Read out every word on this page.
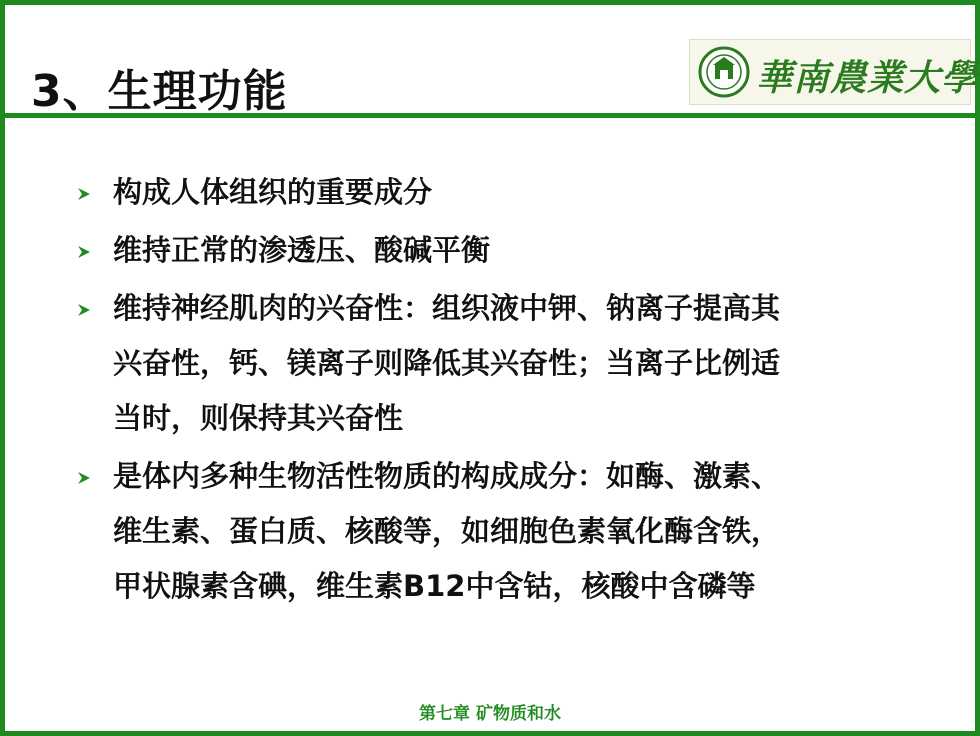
3、生理功能	華南農業大學
构成人体组织的重要成分
维持正常的渗透压、酸碱平衡
维持神经肌肉的兴奋性：组织液中钾、钠离子提高其
兴奋性，钙、镁离子则降低其兴奋性；当离子比例适
当时，则保持其兴奋性
是体内多种生物活性物质的构成成分：如酶、激素、
维生素、蛋白质、核酸等，如细胞色素氧化酶含铁，
甲状腺素含碘，维生素B12中含钴，核酸中含磷等
第七章 矿物质和水
